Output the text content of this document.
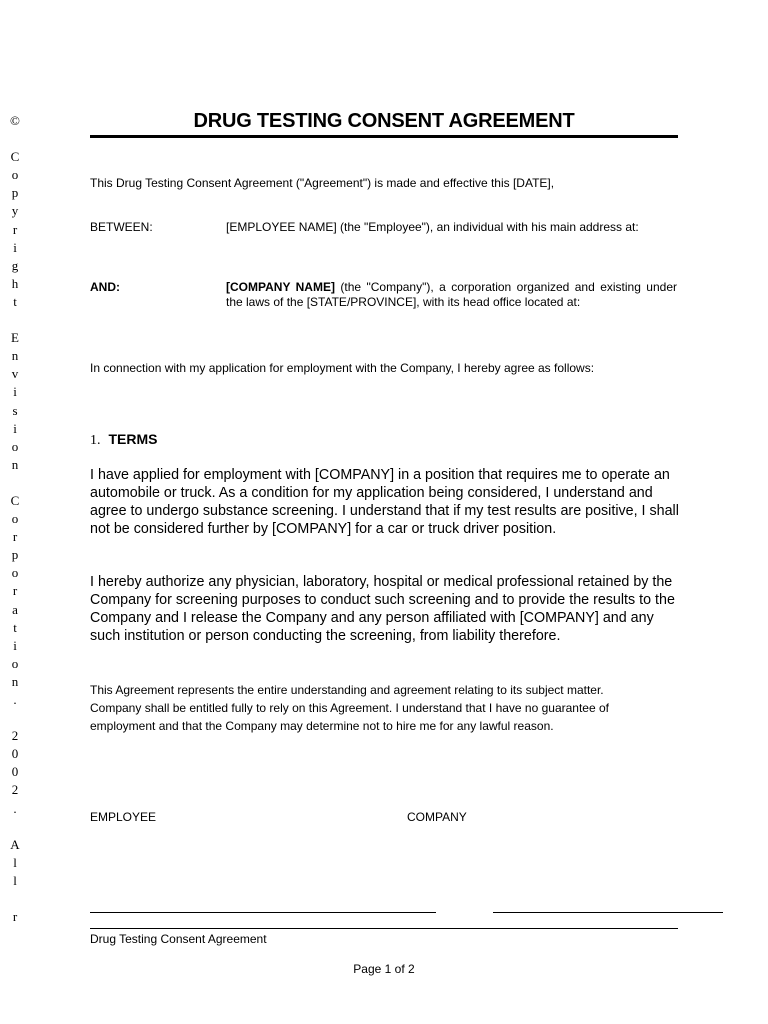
©

C
o
p
y
r
i
g
h
t

E
n
v
i
s
i
o
n

C
o
r
p
o
r
a
t
i
o
n
.

2
0
0
2
.

A
l
l

r
DRUG TESTING CONSENT AGREEMENT
This Drug Testing Consent Agreement ("Agreement") is made and effective this [DATE],
BETWEEN:	[EMPLOYEE NAME] (the "Employee"), an individual with his main address at:
AND:	[COMPANY NAME] (the "Company"), a corporation organized and existing under the laws of the [STATE/PROVINCE], with its head office located at:
In connection with my application for employment with the Company, I hereby agree as follows:
1. TERMS
I have applied for employment with [COMPANY] in a position that requires me to operate an automobile or truck. As a condition for my application being considered, I understand and agree to undergo substance screening. I understand that if my test results are positive, I shall not be considered further by [COMPANY] for a car or truck driver position.
I hereby authorize any physician, laboratory, hospital or medical professional retained by the Company for screening purposes to conduct such screening and to provide the results to the Company and I release the Company and any person affiliated with [COMPANY] and any such institution or person conducting the screening, from liability therefore.
This Agreement represents the entire understanding and agreement relating to its subject matter. Company shall be entitled fully to rely on this Agreement. I understand that I have no guarantee of employment and that the Company may determine not to hire me for any lawful reason.
EMPLOYEE	COMPANY
Drug Testing Consent Agreement
Page 1 of 2
